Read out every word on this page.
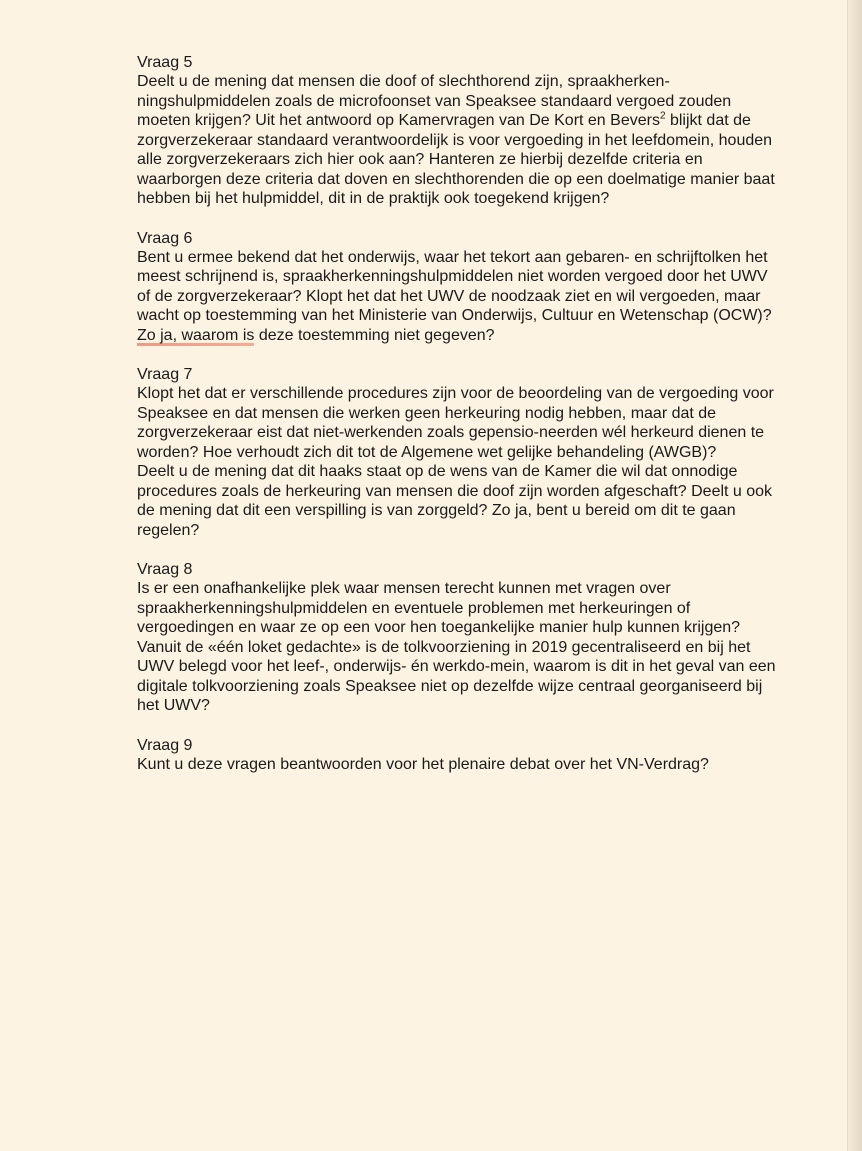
Vraag 5

Deelt u de mening dat mensen die doof of slechthorend zijn, spraakherken-ningshulpmiddelen zoals de microfoonset van Speaksee standaard vergoed zouden moeten krijgen? Uit het antwoord op Kamervragen van De Kort en Bevers$^2$ blijkt dat de zorgverzekeraar standaard verantwoordelijk is voor vergoeding in het leefdomein, houden alle zorgverzekeraars zich hier ook aan? Hanteren ze hierbij dezelfde criteria en waarborgen deze criteria dat doven en slechthorenden die op een doelmatige manier baat hebben bij het hulpmiddel, dit in de praktijk ook toegekend krijgen?

Vraag 6

Bent u ermee bekend dat het onderwijs, waar het tekort aan gebaren- en schrijftolken het meest schrijnend is, spraakherkenningshulpmiddelen niet worden vergoed door het UWV of de zorgverzekeraar? Klopt het dat het UWV de noodzaak ziet en wil vergoeden, maar wacht op toestemming van het Ministerie van Onderwijs, Cultuur en Wetenschap (OCW)? Zo ja, waarom is deze toestemming niet gegeven?

Vraag 7

Klopt het dat er verschillende procedures zijn voor de beoordeling van de vergoeding voor Speaksee en dat mensen die werken geen herkeuring nodig hebben, maar dat de zorgverzekeraar eist dat niet-werkenden zoals gepensio-neerden wél herkeurd dienen te worden? Hoe verhoudt zich dit tot de Algemene wet gelijke behandeling (AWGB)?

Deelt u de mening dat dit haaks staat op de wens van de Kamer die wil dat onnodige procedures zoals de herkeuring van mensen die doof zijn worden afgeschaft? Deelt u ook de mening dat dit een verspilling is van zorggeld? Zo ja, bent u bereid om dit te gaan regelen?

Vraag 8

Is er een onafhankelijke plek waar mensen terecht kunnen met vragen over spraakherkenningshulpmiddelen en eventuele problemen met herkeuringen of vergoedingen en waar ze op een voor hen toegankelijke manier hulp kunnen krijgen? Vanuit de «één loket gedachte» is de tolkvoorziening in 2019 gecentraliseerd en bij het UWV belegd voor het leef-, onderwijs- én werkdo-mein, waarom is dit in het geval van een digitale tolkvoorziening zoals Speaksee niet op dezelfde wijze centraal georganiseerd bij het UWV?

Vraag 9

Kunt u deze vragen beantwoorden voor het plenaire debat over het VN-Verdrag?
